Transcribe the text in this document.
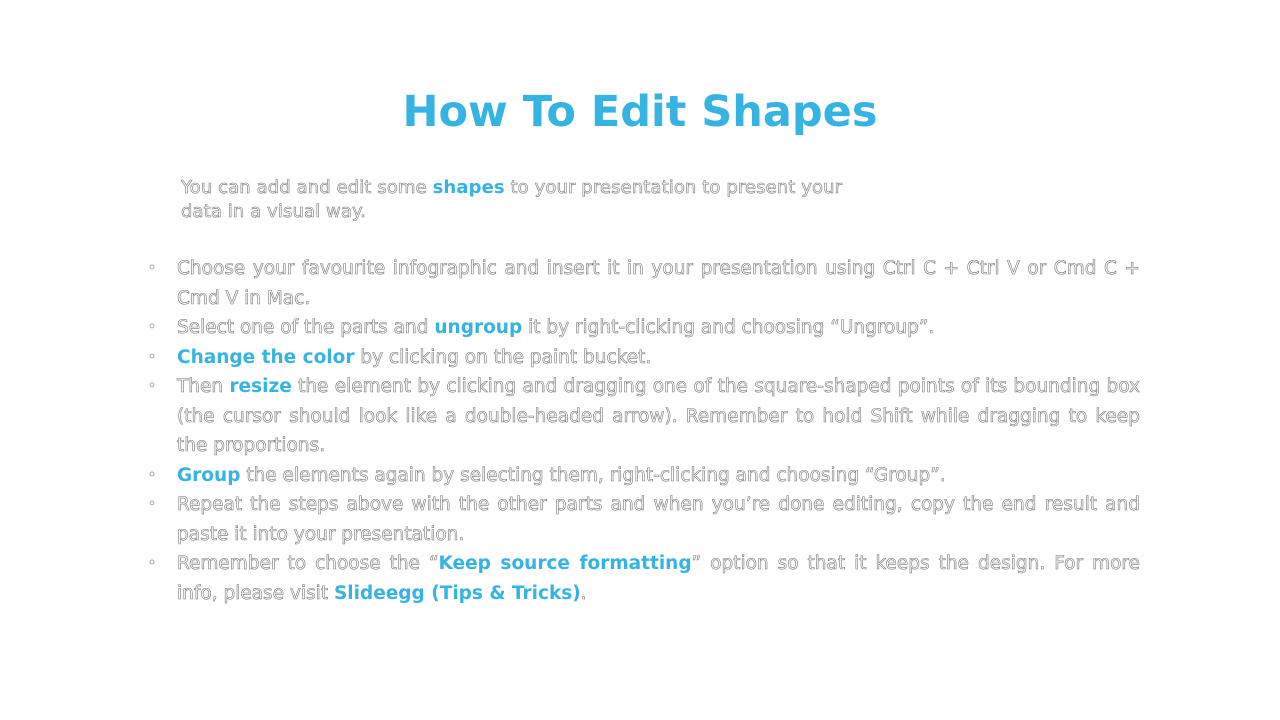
How To Edit Shapes
You can add and edit some shapes to your presentation to present your data in a visual way.
• Choose your favourite infographic and insert it in your presentation using Ctrl C + Ctrl V or Cmd C + Cmd V in Mac.
• Select one of the parts and ungroup it by right-clicking and choosing “Ungroup”.
• Change the color by clicking on the paint bucket.
• Then resize the element by clicking and dragging one of the square-shaped points of its bounding box (the cursor should look like a double-headed arrow). Remember to hold Shift while dragging to keep the proportions.
• Group the elements again by selecting them, right-clicking and choosing “Group”.
• Repeat the steps above with the other parts and when you’re done editing, copy the end result and paste it into your presentation.
• Remember to choose the “Keep source formatting” option so that it keeps the design. For more info, please visit Slideegg (Tips & Tricks).
